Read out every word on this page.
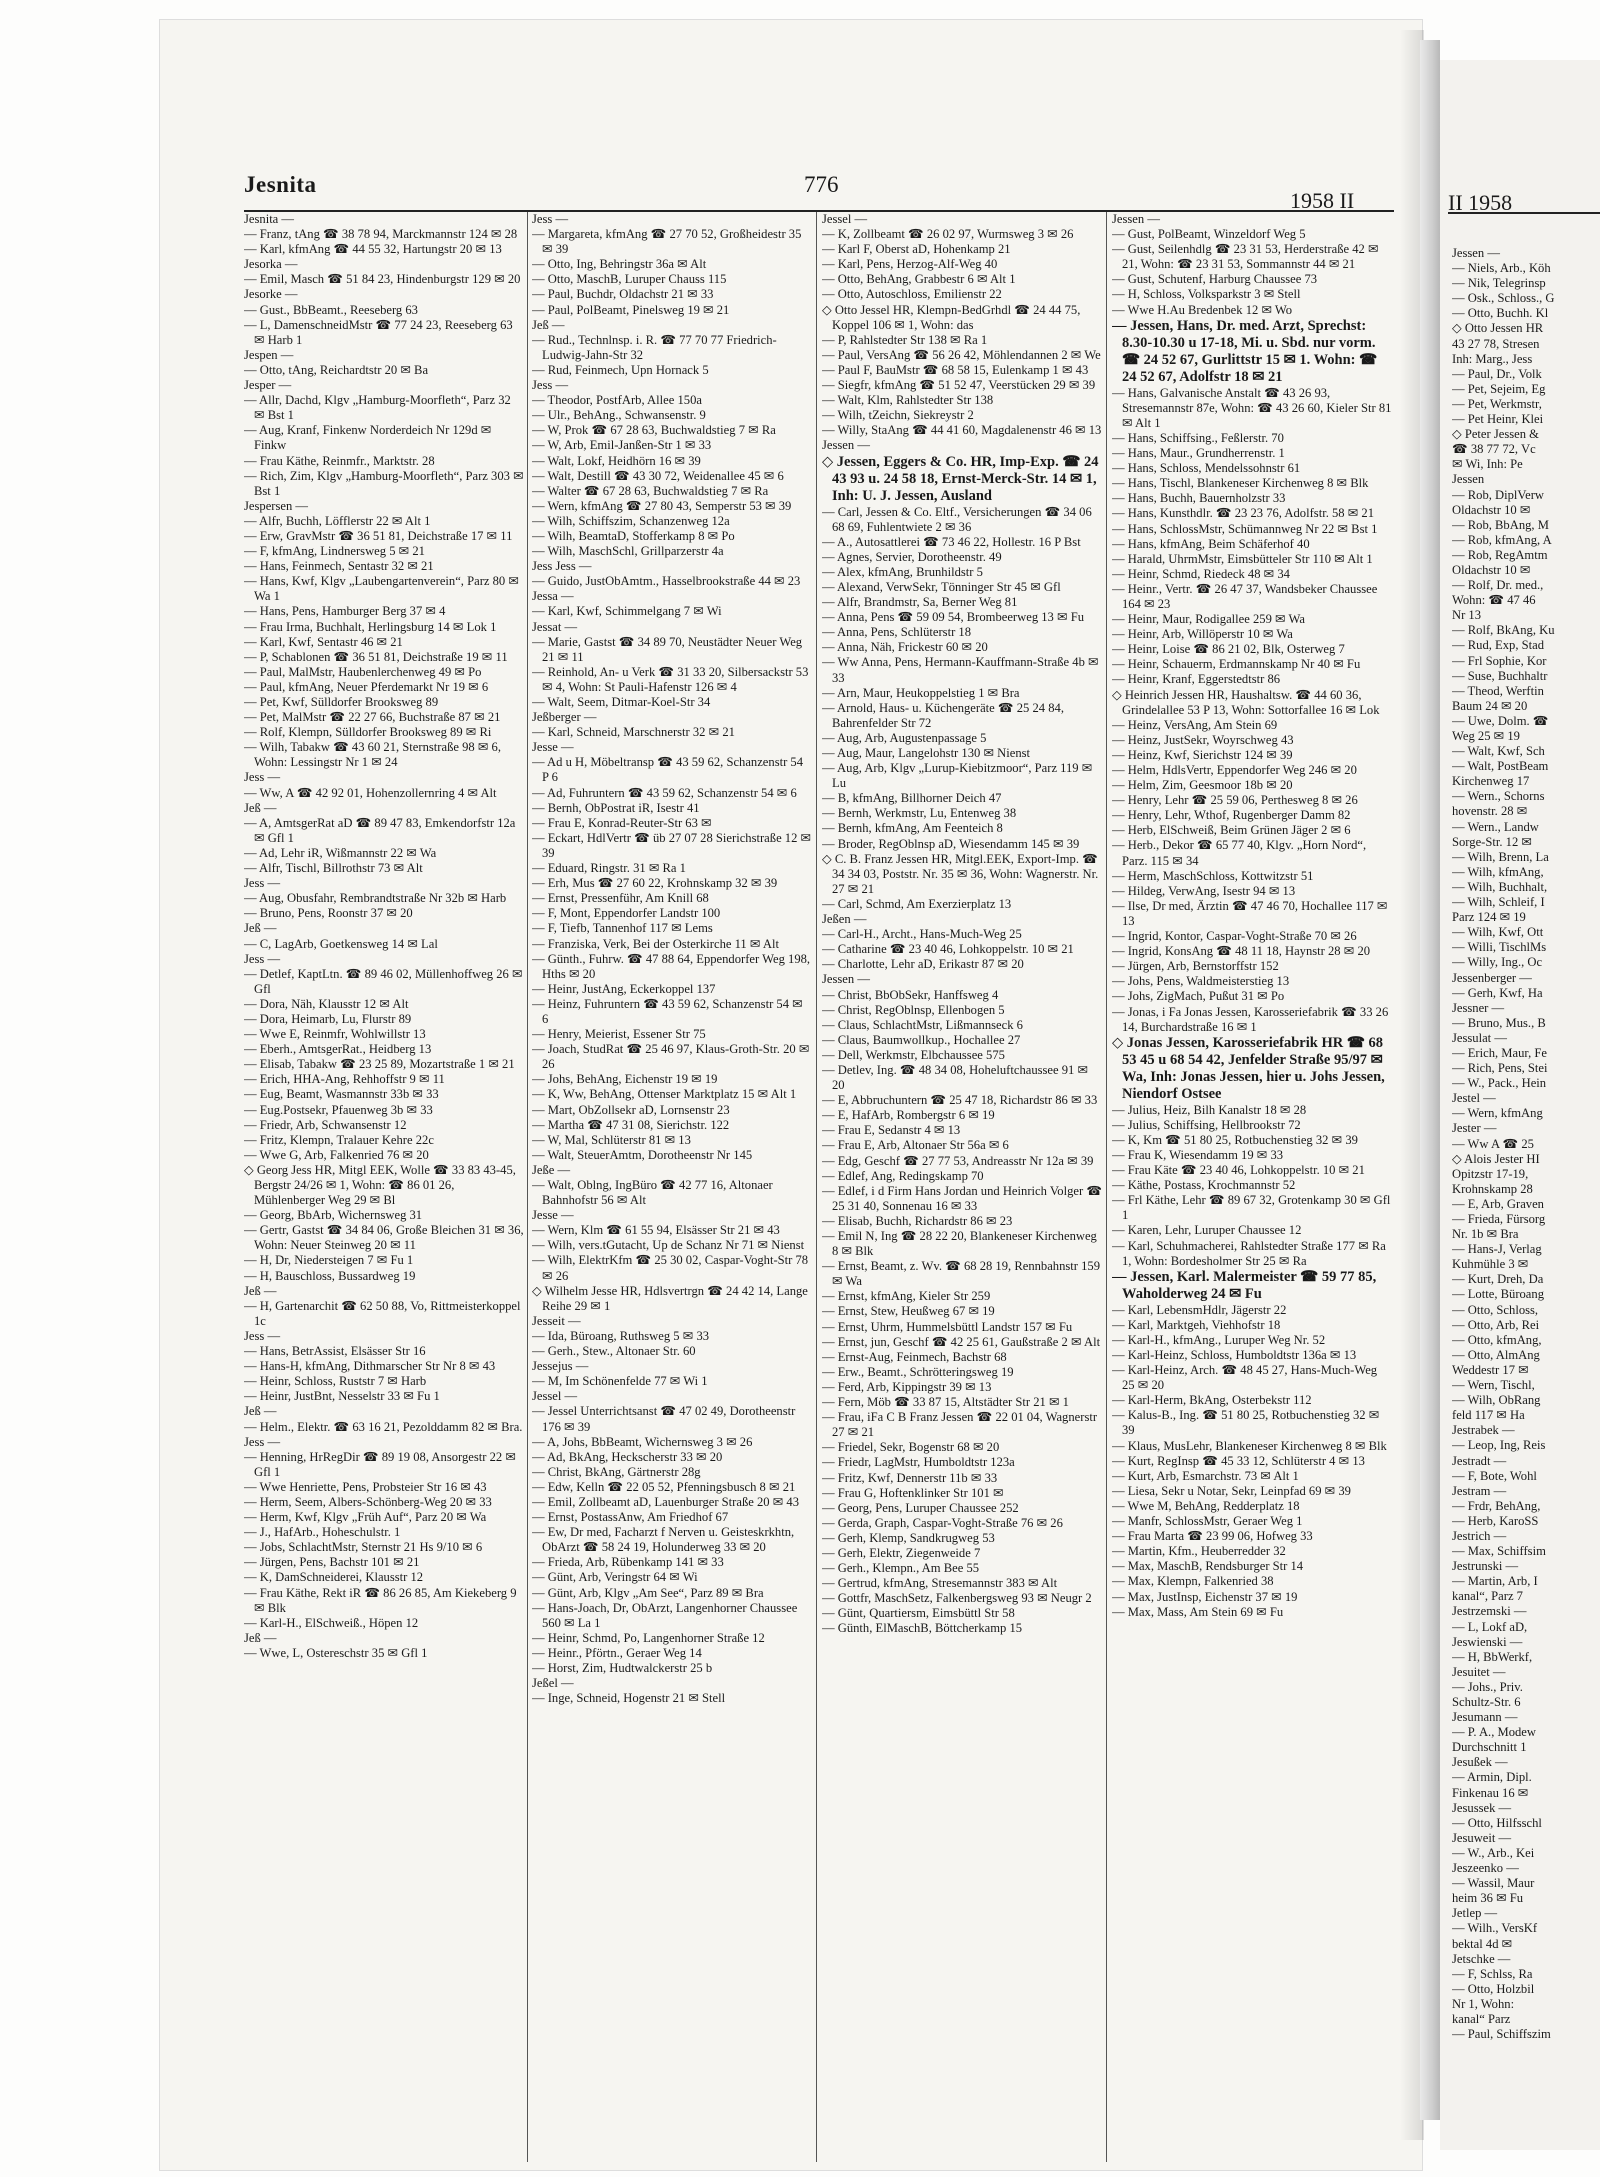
Jesnita	776
1958 II

Jesnita —

— Franz, tAng ☎ 38 78 94, Marckmannstr 124 ✉ 28

— Karl, kfmAng ☎ 44 55 32, Hartungstr 20 ✉ 13

Jesorka —

— Emil, Masch ☎ 51 84 23, Hindenburgstr 129 ✉ 20

Jesorke —

— Gust., BbBeamt., Reeseberg 63

— L, DamenschneidMstr ☎ 77 24 23, Reeseberg 63 ✉ Harb 1

Jespen —

— Otto, tAng, Reichardtstr 20 ✉ Ba

Jesper —

— Allr, Dachd, Klgv „Hamburg-Moorfleth“, Parz 32 ✉ Bst 1

— Aug, Kranf, Finkenw Norderdeich Nr 129d ✉ Finkw

— Frau Käthe, Reinmfr., Marktstr. 28

— Rich, Zim, Klgv „Hamburg-Moorfleth“, Parz 303 ✉ Bst 1

Jespersen —

— Alfr, Buchh, Löfflerstr 22 ✉ Alt 1

— Erw, GravMstr ☎ 36 51 81, Deichstraße 17 ✉ 11

— F, kfmAng, Lindnersweg 5 ✉ 21

— Hans, Feinmech, Sentastr 32 ✉ 21

— Hans, Kwf, Klgv „Laubengartenverein“, Parz 80 ✉ Wa 1

— Hans, Pens, Hamburger Berg 37 ✉ 4

— Frau Irma, Buchhalt, Herlingsburg 14 ✉ Lok 1

— Karl, Kwf, Sentastr 46 ✉ 21

— P, Schablonen ☎ 36 51 81, Deichstraße 19 ✉ 11

— Paul, MalMstr, Haubenlerchenweg 49 ✉ Po

— Paul, kfmAng, Neuer Pferdemarkt Nr 19 ✉ 6

— Pet, Kwf, Sülldorfer Brooksweg 89

— Pet, MalMstr ☎ 22 27 66, Buchstraße 87 ✉ 21

— Rolf, Klempn, Sülldorfer Brooksweg 89 ✉ Ri

— Wilh, Tabakw ☎ 43 60 21, Sternstraße 98 ✉ 6, Wohn: Lessingstr Nr 1 ✉ 24

Jess —

— Ww, A ☎ 42 92 01, Hohenzollernring 4 ✉ Alt

Jeß —

— A, AmtsgerRat aD ☎ 89 47 83, Emkendorfstr 12a ✉ Gfl 1

— Ad, Lehr iR, Wißmannstr 22 ✉ Wa

— Alfr, Tischl, Billrothstr 73 ✉ Alt

Jess —

— Aug, Obusfahr, Rembrandtstraße Nr 32b ✉ Harb

— Bruno, Pens, Roonstr 37 ✉ 20

Jeß —

— C, LagArb, Goetkensweg 14 ✉ Lal

Jess —

— Detlef, KaptLtn. ☎ 89 46 02, Müllenhoffweg 26 ✉ Gfl

— Dora, Näh, Klausstr 12 ✉ Alt

— Dora, Heimarb, Lu, Flurstr 89

— Wwe E, Reinmfr, Wohlwillstr 13

— Eberh., AmtsgerRat., Heidberg 13

— Elisab, Tabakw ☎ 23 25 89, Mozartstraße 1 ✉ 21

— Erich, HHA-Ang, Rehhoffstr 9 ✉ 11

— Eug, Beamt, Wasmannstr 33b ✉ 33

— Eug.Postsekr, Pfauenweg 3b ✉ 33

— Friedr, Arb, Schwansenstr 12

— Fritz, Klempn, Tralauer Kehre 22c

— Wwe G, Arb, Falkenried 76 ✉ 20

◇ Georg Jess HR, Mitgl EEK, Wolle ☎ 33 83 43-45, Bergstr 24/26 ✉ 1, Wohn: ☎ 86 01 26, Mühlenberger Weg 29 ✉ Bl

— Georg, BbArb, Wichernsweg 31

— Gertr, Gastst ☎ 34 84 06, Große Bleichen 31 ✉ 36, Wohn: Neuer Steinweg 20 ✉ 11

— H, Dr, Niedersteigen 7 ✉ Fu 1

— H, Bauschloss, Bussardweg 19

Jeß —

— H, Gartenarchit ☎ 62 50 88, Vo, Rittmeisterkoppel 1c

Jess —

— Hans, BetrAssist, Elsässer Str 16

— Hans-H, kfmAng, Dithmarscher Str Nr 8 ✉ 43

— Heinr, Schloss, Ruststr 7 ✉ Harb

— Heinr, JustBnt, Nesselstr 33 ✉ Fu 1

Jeß —

— Helm., Elektr. ☎ 63 16 21, Pezolddamm 82 ✉ Bra.

Jess —

— Henning, HrRegDir ☎ 89 19 08, Ansorgestr 22 ✉ Gfl 1

— Wwe Henriette, Pens, Probsteier Str 16 ✉ 43

— Herm, Seem, Albers-Schönberg-Weg 20 ✉ 33

— Herm, Kwf, Klgv „Früh Auf“, Parz 20 ✉ Wa

— J., HafArb., Hoheschulstr. 1

— Jobs, SchlachtMstr, Sternstr 21 Hs 9/10 ✉ 6

— Jürgen, Pens, Bachstr 101 ✉ 21

— K, DamSchneiderei, Klausstr 12

— Frau Käthe, Rekt iR ☎ 86 26 85, Am Kiekeberg 9 ✉ Blk

— Karl-H., ElSchweiß., Höpen 12

Jeß —

— Wwe, L, Ostereschstr 35 ✉ Gfl 1

Jess —

— Margareta, kfmAng ☎ 27 70 52, Großheidestr 35 ✉ 39

— Otto, Ing, Behringstr 36a ✉ Alt

— Otto, MaschB, Luruper Chauss 115

— Paul, Buchdr, Oldachstr 21 ✉ 33

— Paul, PolBeamt, Pinelsweg 19 ✉ 21

Jeß —

— Rud., Technlnsp. i. R. ☎ 77 70 77 Friedrich-Ludwig-Jahn-Str 32

— Rud, Feinmech, Upn Hornack 5

Jess —

— Theodor, PostfArb, Allee 150a

— Ulr., BehAng., Schwansenstr. 9

— W, Prok ☎ 67 28 63, Buchwaldstieg 7 ✉ Ra

— W, Arb, Emil-Janßen-Str 1 ✉ 33

— Walt, Lokf, Heidhörn 16 ✉ 39

— Walt, Destill ☎ 43 30 72, Weidenallee 45 ✉ 6

— Walter ☎ 67 28 63, Buchwaldstieg 7 ✉ Ra

— Wern, kfmAng ☎ 27 80 43, Semperstr 53 ✉ 39

— Wilh, Schiffszim, Schanzenweg 12a

— Wilh, BeamtaD, Stofferkamp 8 ✉ Po

— Wilh, MaschSchl, Grillparzerstr 4a

Jess Jess —

— Guido, JustObAmtm., Hasselbrookstraße 44 ✉ 23

Jessa —

— Karl, Kwf, Schimmelgang 7 ✉ Wi

Jessat —

— Marie, Gastst ☎ 34 89 70, Neustädter Neuer Weg 21 ✉ 11

— Reinhold, An- u Verk ☎ 31 33 20, Silbersackstr 53 ✉ 4, Wohn: St Pauli-Hafenstr 126 ✉ 4

— Walt, Seem, Ditmar-Koel-Str 34

Jeßberger —

— Karl, Schneid, Marschnerstr 32 ✉ 21

Jesse —

— Ad u H, Möbeltransp ☎ 43 59 62, Schanzenstr 54 P 6

— Ad, Fuhruntern ☎ 43 59 62, Schanzenstr 54 ✉ 6

— Bernh, ObPostrat iR, Isestr 41

— Frau E, Konrad-Reuter-Str 63 ✉

— Eckart, HdlVertr ☎ üb 27 07 28 Sierichstraße 12 ✉ 39

— Eduard, Ringstr. 31 ✉ Ra 1

— Erh, Mus ☎ 27 60 22, Krohnskamp 32 ✉ 39

— Ernst, Pressenführ, Am Knill 68

— F, Mont, Eppendorfer Landstr 100

— F, Tiefb, Tannenhof 117 ✉ Lems

— Franziska, Verk, Bei der Osterkirche 11 ✉ Alt

— Günth., Fuhrw. ☎ 47 88 64, Eppendorfer Weg 198, Hths ✉ 20

— Heinr, JustAng, Eckerkoppel 137

— Heinz, Fuhruntern ☎ 43 59 62, Schanzenstr 54 ✉ 6

— Henry, Meierist, Essener Str 75

— Joach, StudRat ☎ 25 46 97, Klaus-Groth-Str. 20 ✉ 26

— Johs, BehAng, Eichenstr 19 ✉ 19

— K, Ww, BehAng, Ottenser Marktplatz 15 ✉ Alt 1

— Mart, ObZollsekr aD, Lornsenstr 23

— Martha ☎ 47 31 08, Sierichstr. 122

— W, Mal, Schlüterstr 81 ✉ 13

— Walt, SteuerAmtm, Dorotheenstr Nr 145

Jeße —

— Walt, Oblng, IngBüro ☎ 42 77 16, Altonaer Bahnhofstr 56 ✉ Alt

Jesse —

— Wern, Klm ☎ 61 55 94, Elsässer Str 21 ✉ 43

— Wilh, vers.tGutacht, Up de Schanz Nr 71 ✉ Nienst

— Wilh, ElektrKfm ☎ 25 30 02, Caspar-Voght-Str 78 ✉ 26

◇ Wilhelm Jesse HR, Hdlsvertrgn ☎ 24 42 14, Lange Reihe 29 ✉ 1

Jesseit —

— Ida, Büroang, Ruthsweg 5 ✉ 33

— Gerh., Stew., Altonaer Str. 60

Jessejus —

— M, Im Schönenfelde 77 ✉ Wi 1

Jessel —

— Jessel Unterrichtsanst ☎ 47 02 49, Dorotheenstr 176 ✉ 39

— A, Johs, BbBeamt, Wichernsweg 3 ✉ 26

— Ad, BkAng, Heckscherstr 33 ✉ 20

— Christ, BkAng, Gärtnerstr 28g

— Edw, Kelln ☎ 22 05 52, Pfenningsbusch 8 ✉ 21

— Emil, Zollbeamt aD, Lauenburger Straße 20 ✉ 43

— Ernst, PostassAnw, Am Friedhof 67

— Ew, Dr med, Facharzt f Nerven u. Geisteskrkhtn, ObArzt ☎ 58 24 19, Holunderweg 33 ✉ 20

— Frieda, Arb, Rübenkamp 141 ✉ 33

— Günt, Arb, Veringstr 64 ✉ Wi

— Günt, Arb, Klgv „Am See“, Parz 89 ✉ Bra

— Hans-Joach, Dr, ObArzt, Langenhorner Chaussee 560 ✉ La 1

— Heinr, Schmd, Po, Langenhorner Straße 12

— Heinr., Pförtn., Geraer Weg 14

— Horst, Zim, Hudtwalckerstr 25 b

Jeßel —

— Inge, Schneid, Hogenstr 21 ✉ Stell

Jessel —

— K, Zollbeamt ☎ 26 02 97, Wurmsweg 3 ✉ 26

— Karl F, Oberst aD, Hohenkamp 21

— Karl, Pens, Herzog-Alf-Weg 40

— Otto, BehAng, Grabbestr 6 ✉ Alt 1

— Otto, Autoschloss, Emilienstr 22

◇ Otto Jessel HR, Klempn-BedGrhdl ☎ 24 44 75, Koppel 106 ✉ 1, Wohn: das

— P, Rahlstedter Str 138 ✉ Ra 1

— Paul, VersAng ☎ 56 26 42, Möhlendannen 2 ✉ We

— Paul F, BauMstr ☎ 68 58 15, Eulenkamp 1 ✉ 43

— Siegfr, kfmAng ☎ 51 52 47, Veerstücken 29 ✉ 39

— Walt, Klm, Rahlstedter Str 138

— Wilh, tZeichn, Siekreystr 2

— Willy, StaAng ☎ 44 41 60, Magdalenenstr 46 ✉ 13

Jessen —

◇ Jessen, Eggers & Co. HR, Imp-Exp. ☎ 24 43 93 u. 24 58 18, Ernst-Merck-Str. 14 ✉ 1, Inh: U. J. Jessen, Ausland

— Carl, Jessen & Co. Eltf., Versicherungen ☎ 34 06 68 69, Fuhlentwiete 2 ✉ 36

— A., Autosattlerei ☎ 73 46 22, Hollestr. 16 P Bst

— Agnes, Servier, Dorotheenstr. 49

— Alex, kfmAng, Brunhildstr 5

— Alexand, VerwSekr, Tönninger Str 45 ✉ Gfl

— Alfr, Brandmstr, Sa, Berner Weg 81

— Anna, Pens ☎ 59 09 54, Brombeerweg 13 ✉ Fu

— Anna, Pens, Schlüterstr 18

— Anna, Näh, Frickestr 60 ✉ 20

— Ww Anna, Pens, Hermann-Kauffmann-Straße 4b ✉ 33

— Arn, Maur, Heukoppelstieg 1 ✉ Bra

— Arnold, Haus- u. Küchengeräte ☎ 25 24 84, Bahrenfelder Str 72

— Aug, Arb, Augustenpassage 5

— Aug, Maur, Langelohstr 130 ✉ Nienst

— Aug, Arb, Klgv „Lurup-Kiebitzmoor“, Parz 119 ✉ Lu

— B, kfmAng, Billhorner Deich 47

— Bernh, Werkmstr, Lu, Entenweg 38

— Bernh, kfmAng, Am Feenteich 8

— Broder, RegOblnsp aD, Wiesendamm 145 ✉ 39

◇ C. B. Franz Jessen HR, Mitgl.EEK, Export-Imp. ☎ 34 34 03, Poststr. Nr. 35 ✉ 36, Wohn: Wagnerstr. Nr. 27 ✉ 21

— Carl, Schmd, Am Exerzierplatz 13

Jeßen —

— Carl-H., Archt., Hans-Much-Weg 25

— Catharine ☎ 23 40 46, Lohkoppelstr. 10 ✉ 21

— Charlotte, Lehr aD, Erikastr 87 ✉ 20

Jessen —

— Christ, BbObSekr, Hanffsweg 4

— Christ, RegOblnsp, Ellenbogen 5

— Claus, SchlachtMstr, Lißmannseck 6

— Claus, Baumwollkup., Hochallee 27

— Dell, Werkmstr, Elbchaussee 575

— Detlev, Ing. ☎ 48 34 08, Hoheluftchaussee 91 ✉ 20

— E, Abbruchuntern ☎ 25 47 18, Richardstr 86 ✉ 33

— E, HafArb, Rombergstr 6 ✉ 19

— Frau E, Sedanstr 4 ✉ 13

— Frau E, Arb, Altonaer Str 56a ✉ 6

— Edg, Geschf ☎ 27 77 53, Andreasstr Nr 12a ✉ 39

— Edlef, Ang, Redingskamp 70

— Edlef, i d Firm Hans Jordan und Heinrich Volger ☎ 25 31 40, Sonnenau 16 ✉ 33

— Elisab, Buchh, Richardstr 86 ✉ 23

— Emil N, Ing ☎ 28 22 20, Blankeneser Kirchenweg 8 ✉ Blk

— Ernst, Beamt, z. Wv. ☎ 68 28 19, Rennbahnstr 159 ✉ Wa

— Ernst, kfmAng, Kieler Str 259

— Ernst, Stew, Heußweg 67 ✉ 19

— Ernst, Uhrm, Hummelsbüttl Landstr 157 ✉ Fu

— Ernst, jun, Geschf ☎ 42 25 61, Gaußstraße 2 ✉ Alt

— Ernst-Aug, Feinmech, Bachstr 68

— Erw., Beamt., Schrötteringsweg 19

— Ferd, Arb, Kippingstr 39 ✉ 13

— Fern, Möb ☎ 33 87 15, Altstädter Str 21 ✉ 1

— Frau, iFa C B Franz Jessen ☎ 22 01 04, Wagnerstr 27 ✉ 21

— Friedel, Sekr, Bogenstr 68 ✉ 20

— Friedr, LagMstr, Humboldtstr 123a

— Fritz, Kwf, Dennerstr 11b ✉ 33

— Frau G, Hoftenklinker Str 101 ✉

— Georg, Pens, Luruper Chaussee 252

— Gerda, Graph, Caspar-Voght-Straße 76 ✉ 26

— Gerh, Klemp, Sandkrugweg 53

— Gerh, Elektr, Ziegenweide 7

— Gerh., Klempn., Am Bee 55

— Gertrud, kfmAng, Stresemannstr 383 ✉ Alt

— Gottfr, MaschSetz, Falkenbergsweg 93 ✉ Neugr 2

— Günt, Quartiersm, Eimsbüttl Str 58

— Günth, ElMaschB, Böttcherkamp 15

Jessen —

— Gust, PolBeamt, Winzeldorf Weg 5

— Gust, Seilenhdlg ☎ 23 31 53, Herderstraße 42 ✉ 21, Wohn: ☎ 23 31 53, Sommannstr 44 ✉ 21

— Gust, Schutenf, Harburg Chaussee 73

— H, Schloss, Volksparkstr 3 ✉ Stell

— Wwe H.Au Bredenbek 12 ✉ Wo

— Jessen, Hans, Dr. med. Arzt, Sprechst: 8.30-10.30 u 17-18, Mi. u. Sbd. nur vorm. ☎ 24 52 67, Gurlittstr 15 ✉ 1. Wohn: ☎ 24 52 67, Adolfstr 18 ✉ 21

— Hans, Galvanische Anstalt ☎ 43 26 93, Stresemannstr 87e, Wohn: ☎ 43 26 60, Kieler Str 81 ✉ Alt 1

— Hans, Schiffsing., Feßlerstr. 70

— Hans, Maur., Grundherrenstr. 1

— Hans, Schloss, Mendelssohnstr 61

— Hans, Tischl, Blankeneser Kirchenweg 8 ✉ Blk

— Hans, Buchh, Bauernholzstr 33

— Hans, Kunsthdlr. ☎ 23 23 76, Adolfstr. 58 ✉ 21

— Hans, SchlossMstr, Schümannweg Nr 22 ✉ Bst 1

— Hans, kfmAng, Beim Schäferhof 40

— Harald, UhrmMstr, Eimsbütteler Str 110 ✉ Alt 1

— Heinr, Schmd, Riedeck 48 ✉ 34

— Heinr., Vertr. ☎ 26 47 37, Wandsbeker Chaussee 164 ✉ 23

— Heinr, Maur, Rodigallee 259 ✉ Wa

— Heinr, Arb, Willöperstr 10 ✉ Wa

— Heinr, Loise ☎ 86 21 02, Blk, Osterweg 7

— Heinr, Schauerm, Erdmannskamp Nr 40 ✉ Fu

— Heinr, Kranf, Eggerstedtstr 86

◇ Heinrich Jessen HR, Haushaltsw. ☎ 44 60 36, Grindelallee 53 P 13, Wohn: Sottorfallee 16 ✉ Lok

— Heinz, VersAng, Am Stein 69

— Heinz, JustSekr, Woyrschweg 43

— Heinz, Kwf, Sierichstr 124 ✉ 39

— Helm, HdlsVertr, Eppendorfer Weg 246 ✉ 20

— Helm, Zim, Geesmoor 18b ✉ 20

— Henry, Lehr ☎ 25 59 06, Perthesweg 8 ✉ 26

— Henry, Lehr, Wthof, Rugenberger Damm 82

— Herb, ElSchweiß, Beim Grünen Jäger 2 ✉ 6

— Herb., Dekor ☎ 65 77 40, Klgv. „Horn Nord“, Parz. 115 ✉ 34

— Herm, MaschSchloss, Kottwitzstr 51

— Hildeg, VerwAng, Isestr 94 ✉ 13

— Ilse, Dr med, Ärztin ☎ 47 46 70, Hochallee 117 ✉ 13

— Ingrid, Kontor, Caspar-Voght-Straße 70 ✉ 26

— Ingrid, KonsAng ☎ 48 11 18, Haynstr 28 ✉ 20

— Jürgen, Arb, Bernstorffstr 152

— Johs, Pens, Waldmeisterstieg 13

— Johs, ZigMach, Pußut 31 ✉ Po

— Jonas, i Fa Jonas Jessen, Karosseriefabrik ☎ 33 26 14, Burchardstraße 16 ✉ 1

◇ Jonas Jessen, Karosseriefabrik HR ☎ 68 53 45 u 68 54 42, Jenfelder Straße 95/97 ✉ Wa, Inh: Jonas Jessen, hier u. Johs Jessen, Niendorf Ostsee

— Julius, Heiz, Bilh Kanalstr 18 ✉ 28

— Julius, Schiffsing, Hellbrookstr 72

— K, Km ☎ 51 80 25, Rotbuchenstieg 32 ✉ 39

— Frau K, Wiesendamm 19 ✉ 33

— Frau Käte ☎ 23 40 46, Lohkoppelstr. 10 ✉ 21

— Käthe, Postass, Krochmannstr 52

— Frl Käthe, Lehr ☎ 89 67 32, Grotenkamp 30 ✉ Gfl 1

— Karen, Lehr, Luruper Chaussee 12

— Karl, Schuhmacherei, Rahlstedter Straße 177 ✉ Ra 1, Wohn: Bordesholmer Str 25 ✉ Ra

— Jessen, Karl. Malermeister ☎ 59 77 85, Waholderweg 24 ✉ Fu

— Karl, LebensmHdlr, Jägerstr 22

— Karl, Marktgeh, Viehhofstr 18

— Karl-H., kfmAng., Luruper Weg Nr. 52

— Karl-Heinz, Schloss, Humboldtstr 136a ✉ 13

— Karl-Heinz, Arch. ☎ 48 45 27, Hans-Much-Weg 25 ✉ 20

— Karl-Herm, BkAng, Osterbekstr 112

— Kalus-B., Ing. ☎ 51 80 25, Rotbuchenstieg 32 ✉ 39

— Klaus, MusLehr, Blankeneser Kirchenweg 8 ✉ Blk

— Kurt, RegInsp ☎ 45 33 12, Schlüterstr 4 ✉ 13

— Kurt, Arb, Esmarchstr. 73 ✉ Alt 1

— Liesa, Sekr u Notar, Sekr, Leinpfad 69 ✉ 39

— Wwe M, BehAng, Redderplatz 18

— Manfr, SchlossMstr, Geraer Weg 1

— Frau Marta ☎ 23 99 06, Hofweg 33

— Martin, Kfm., Heuberredder 32

— Max, MaschB, Rendsburger Str 14

— Max, Klempn, Falkenried 38

— Max, JustInsp, Eichenstr 37 ✉ 19

— Max, Mass, Am Stein 69 ✉ Fu

II 1958

Jessen —

— Niels, Arb., Köh

— Nik, Telegrinsp

— Osk., Schloss., G

— Otto, Buchh. Kl

◇ Otto Jessen HR

43 27 78, Stresen

Inh: Marg., Jess

— Paul, Dr., Volk

— Pet, Sejeim, Eg

— Pet, Werkmstr,

— Pet Heinr, Klei

◇ Peter Jessen &

☎ 38 77 72, Vc

✉ Wi, Inh: Pe

Jessen

— Rob, DiplVerw

Oldachstr 10 ✉

— Rob, BbAng, M

— Rob, kfmAng, A

— Rob, RegAmtm

Oldachstr 10 ✉

— Rolf, Dr. med.,

Wohn: ☎ 47 46

Nr 13

— Rolf, BkAng, Ku

— Rud, Exp, Stad

— Frl Sophie, Kor

— Suse, Buchhaltr

— Theod, Werftin

Baum 24 ✉ 20

— Uwe, Dolm. ☎

Weg 25 ✉ 19

— Walt, Kwf, Sch

— Walt, PostBeam

Kirchenweg 17

— Wern., Schorns

hovenstr. 28 ✉

— Wern., Landw

Sorge-Str. 12 ✉

— Wilh, Brenn, La

— Wilh, kfmAng,

— Wilh, Buchhalt,

— Wilh, Schleif, I

Parz 124 ✉ 19

— Wilh, Kwf, Ott

— Willi, TischlMs

— Willy, Ing., Oc

Jessenberger —

— Gerh, Kwf, Ha

Jessner —

— Bruno, Mus., B

Jessulat —

— Erich, Maur, Fe

— Rich, Pens, Stei

— W., Pack., Hein

Jestel —

— Wern, kfmAng

Jester —

— Ww A ☎ 25

◇ Alois Jester HI

Opitzstr 17-19,

Krohnskamp 28

— E, Arb, Graven

— Frieda, Fürsorg

Nr. 1b ✉ Bra

— Hans-J, Verlag

Kuhmühle 3 ✉

— Kurt, Dreh, Da

— Lotte, Büroang

— Otto, Schloss,

— Otto, Arb, Rei

— Otto, kfmAng,

— Otto, AlmAng

Weddestr 17 ✉

— Wern, Tischl,

— Wilh, ObRang

feld 117 ✉ Ha

Jestrabek —

— Leop, Ing, Reis

Jestradt —

— F, Bote, Wohl

Jestram —

— Frdr, BehAng,

— Herb, KaroSS

Jestrich —

— Max, Schiffsim

Jestrunski —

— Martin, Arb, I

kanal“, Parz 7

Jestrzemski —

— L, Lokf aD,

Jeswienski —

— H, BbWerkf,

Jesuitet —

— Johs., Priv.

Schultz-Str. 6

Jesumann —

— P. A., Modew

Durchschnitt 1

Jesußek —

— Armin, Dipl.

Finkenau 16 ✉

Jesussek —

— Otto, Hilfsschl

Jesuweit —

— W., Arb., Kei

Jeszeenko —

— Wassil, Maur

heim 36 ✉ Fu

Jetlep —

— Wilh., VersKf

bektal 4d ✉

Jetschke —

— F, Schlss, Ra

— Otto, Holzbil

Nr 1, Wohn:

kanal“ Parz

— Paul, Schiffszim
